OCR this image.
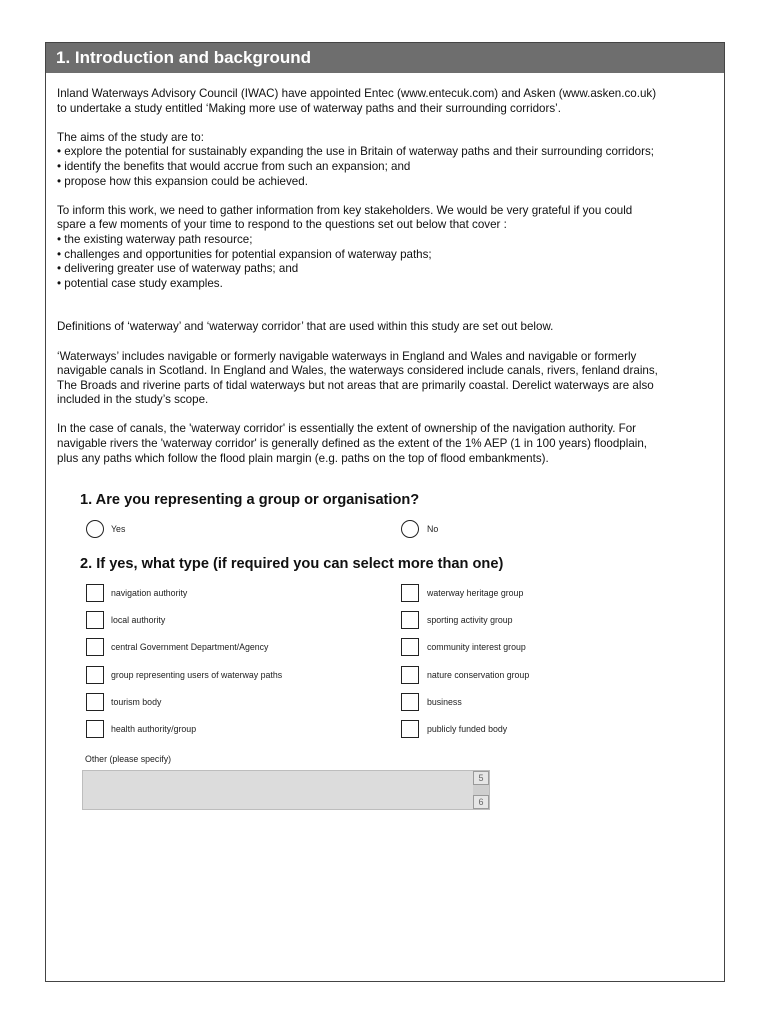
1. Introduction and background

Inland Waterways Advisory Council (IWAC) have appointed Entec (www.entecuk.com) and Asken (www.asken.co.uk)

to undertake a study entitled ‘Making more use of waterway paths and their surrounding corridors’.

The aims of the study are to:

• explore the potential for sustainably expanding the use in Britain of waterway paths and their surrounding corridors;

• identify the benefits that would accrue from such an expansion; and

• propose how this expansion could be achieved.

To inform this work, we need to gather information from key stakeholders. We would be very grateful if you could

spare a few moments of your time to respond to the questions set out below that cover :

• the existing waterway path resource;

• challenges and opportunities for potential expansion of waterway paths;

• delivering greater use of waterway paths; and

• potential case study examples.

Definitions of ‘waterway’ and ‘waterway corridor’ that are used within this study are set out below.

‘Waterways’ includes navigable or formerly navigable waterways in England and Wales and navigable or formerly

navigable canals in Scotland. In England and Wales, the waterways considered include canals, rivers, fenland drains,

The Broads and riverine parts of tidal waterways but not areas that are primarily coastal. Derelict waterways are also

included in the study’s scope.

In the case of canals, the 'waterway corridor' is essentially the extent of ownership of the navigation authority. For

navigable rivers the 'waterway corridor' is generally defined as the extent of the 1% AEP (1 in 100 years) floodplain,

plus any paths which follow the flood plain margin (e.g. paths on the top of flood embankments).

1. Are you representing a group or organisation?
Yes	No
2. If yes, what type (if required you can select more than one)
navigation authority	waterway heritage group
local authority	sporting activity group
central Government Department/Agency	community interest group
group representing users of waterway paths	nature conservation group
tourism body	business
health authority/group	publicly funded body
Other (please specify)
5
6
